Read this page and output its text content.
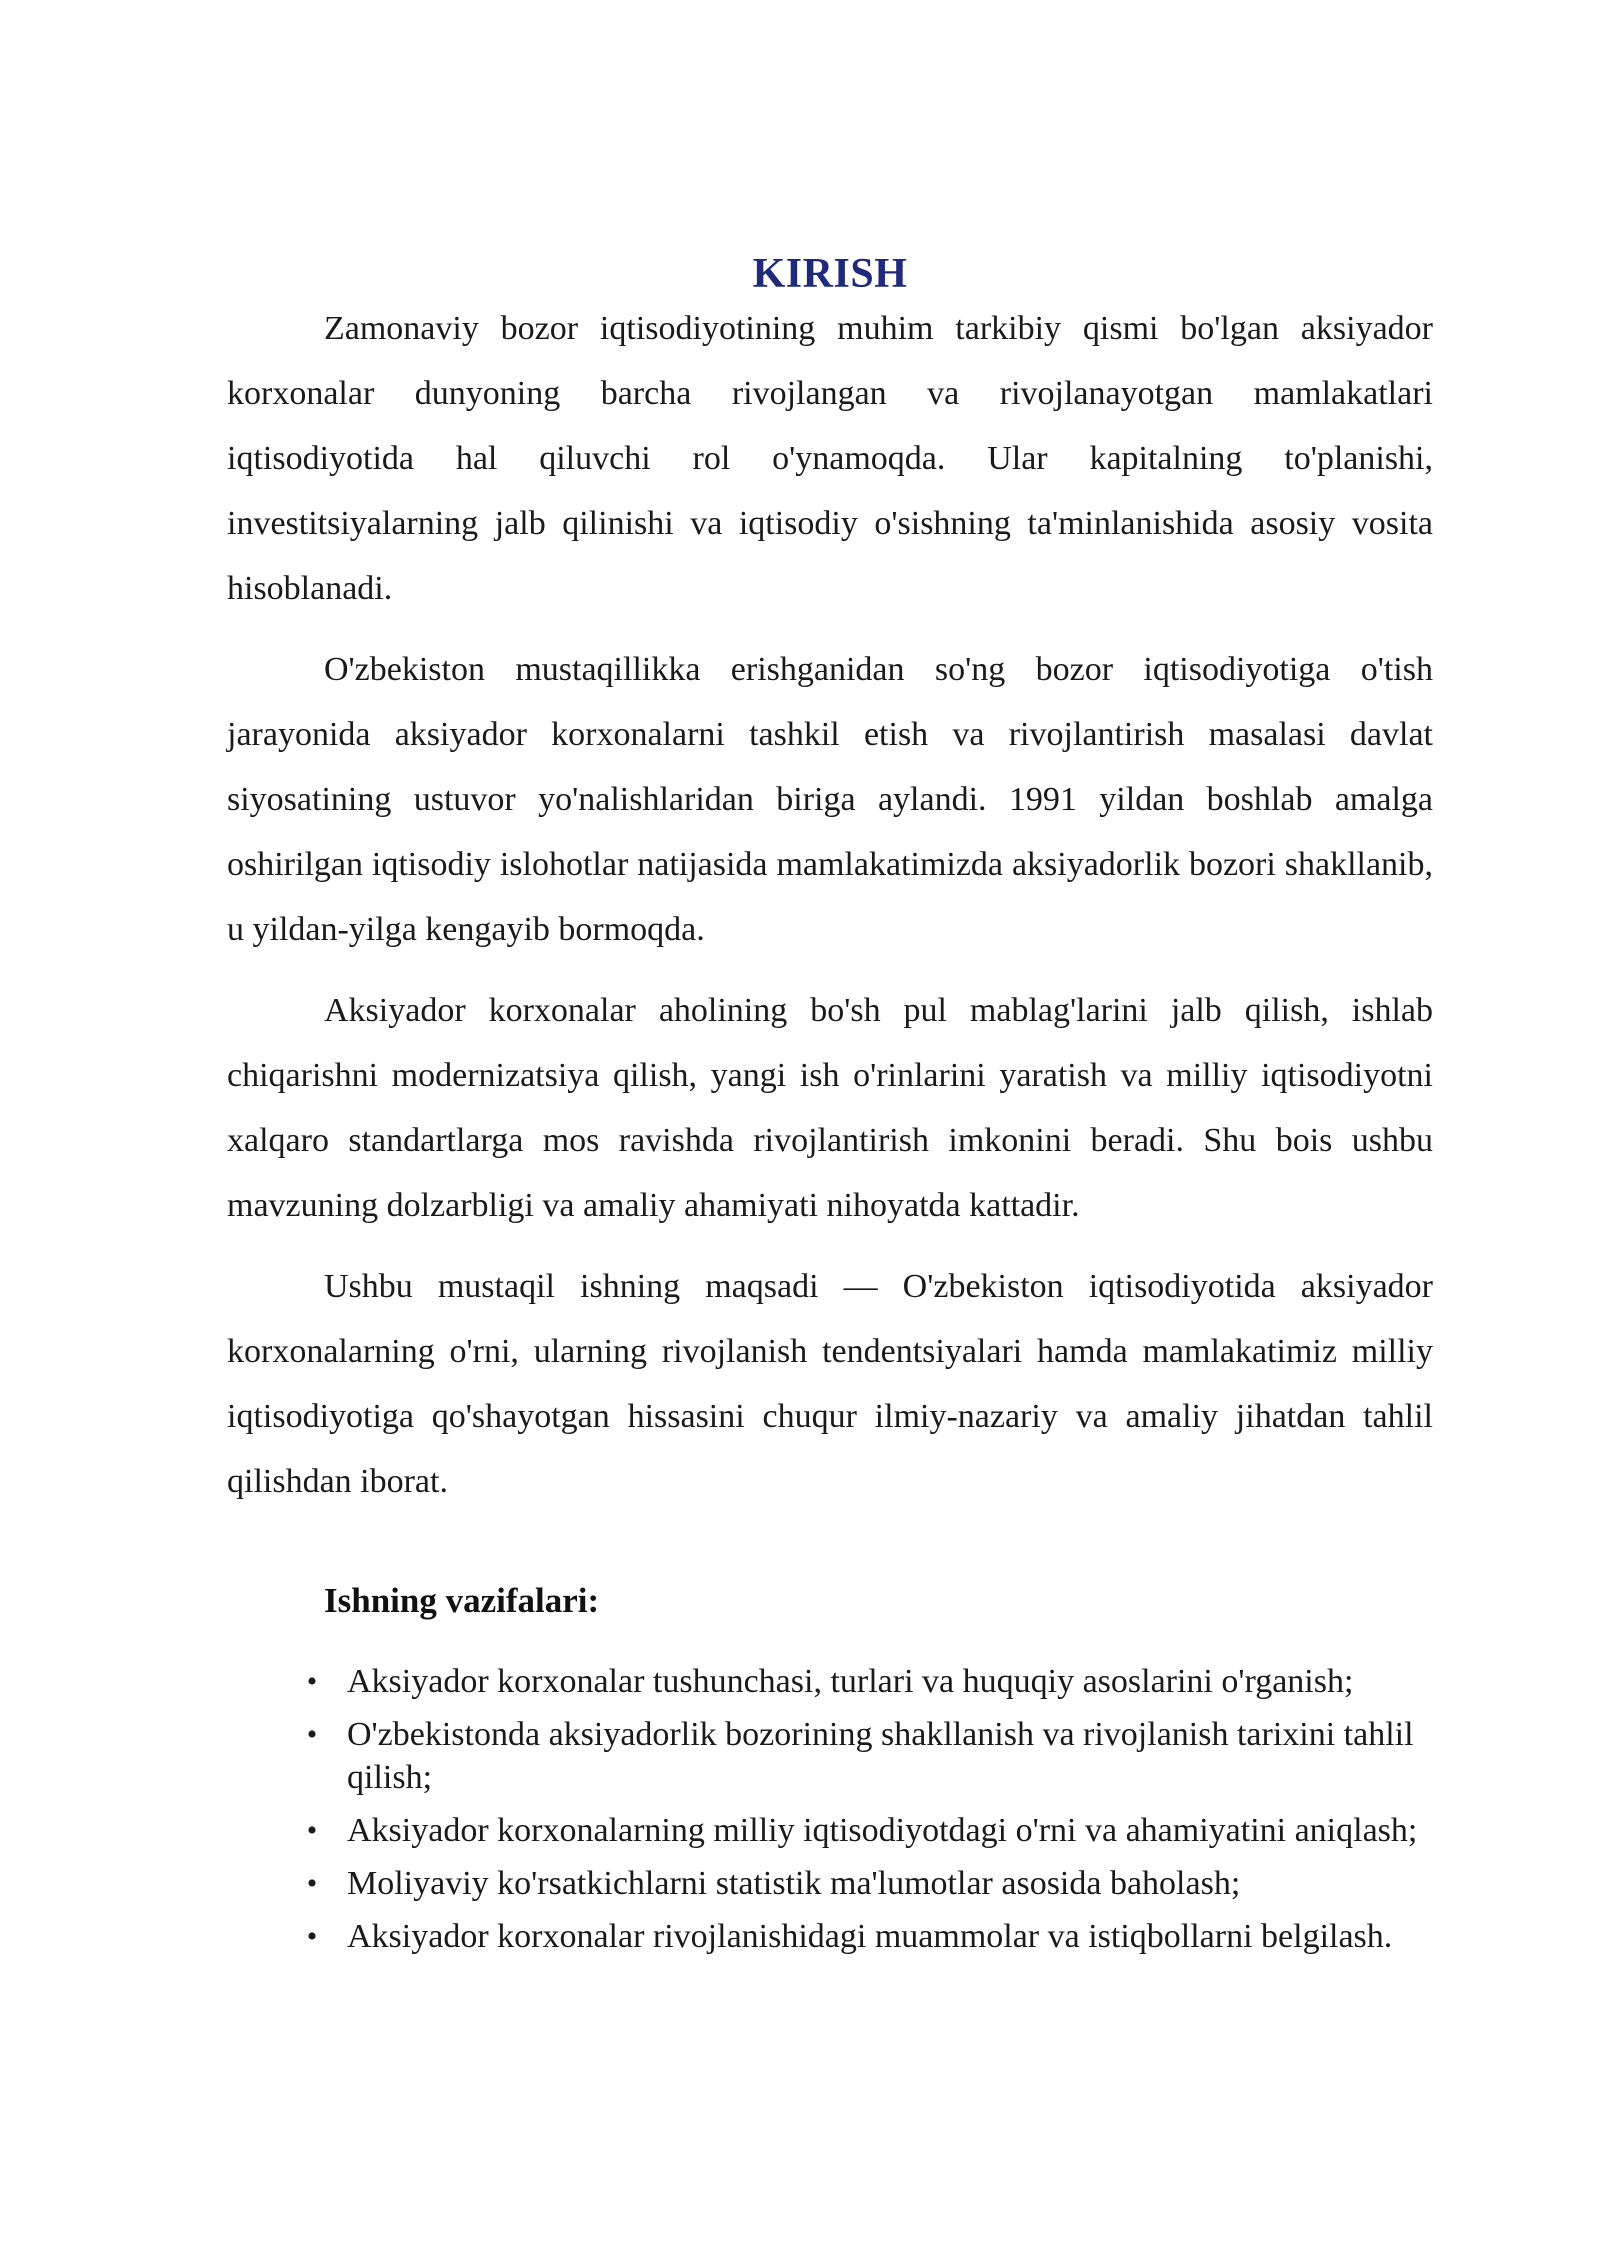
KIRISH

Zamonaviy bozor iqtisodiyotining muhim tarkibiy qismi bo'lgan aksiyador korxonalar dunyoning barcha rivojlangan va rivojlanayotgan mamlakatlari iqtisodiyotida hal qiluvchi rol o'ynamoqda. Ular kapitalning to'planishi, investitsiyalarning jalb qilinishi va iqtisodiy o'sishning ta'minlanishida asosiy vosita hisoblanadi.

O'zbekiston mustaqillikka erishganidan so'ng bozor iqtisodiyotiga o'tish jarayonida aksiyador korxonalarni tashkil etish va rivojlantirish masalasi davlat siyosatining ustuvor yo'nalishlaridan biriga aylandi. 1991 yildan boshlab amalga oshirilgan iqtisodiy islohotlar natijasida mamlakatimizda aksiyadorlik bozori shakllanib, u yildan-yilga kengayib bormoqda.

Aksiyador korxonalar aholining bo'sh pul mablag'larini jalb qilish, ishlab chiqarishni modernizatsiya qilish, yangi ish o'rinlarini yaratish va milliy iqtisodiyotni xalqaro standartlarga mos ravishda rivojlantirish imkonini beradi. Shu bois ushbu mavzuning dolzarbligi va amaliy ahamiyati nihoyatda kattadir.

Ushbu mustaqil ishning maqsadi — O'zbekiston iqtisodiyotida aksiyador korxonalarning o'rni, ularning rivojlanish tendentsiyalari hamda mamlakatimiz milliy iqtisodiyotiga qo'shayotgan hissasini chuqur ilmiy-nazariy va amaliy jihatdan tahlil qilishdan iborat.

Ishning vazifalari:
• Aksiyador korxonalar tushunchasi, turlari va huquqiy asoslarini o'rganish;
• O'zbekistonda aksiyadorlik bozorining shakllanish va rivojlanish tarixini tahlil qilish;
• Aksiyador korxonalarning milliy iqtisodiyotdagi o'rni va ahamiyatini aniqlash;
• Moliyaviy ko'rsatkichlarni statistik ma'lumotlar asosida baholash;
• Aksiyador korxonalar rivojlanishidagi muammolar va istiqbollarni belgilash.
